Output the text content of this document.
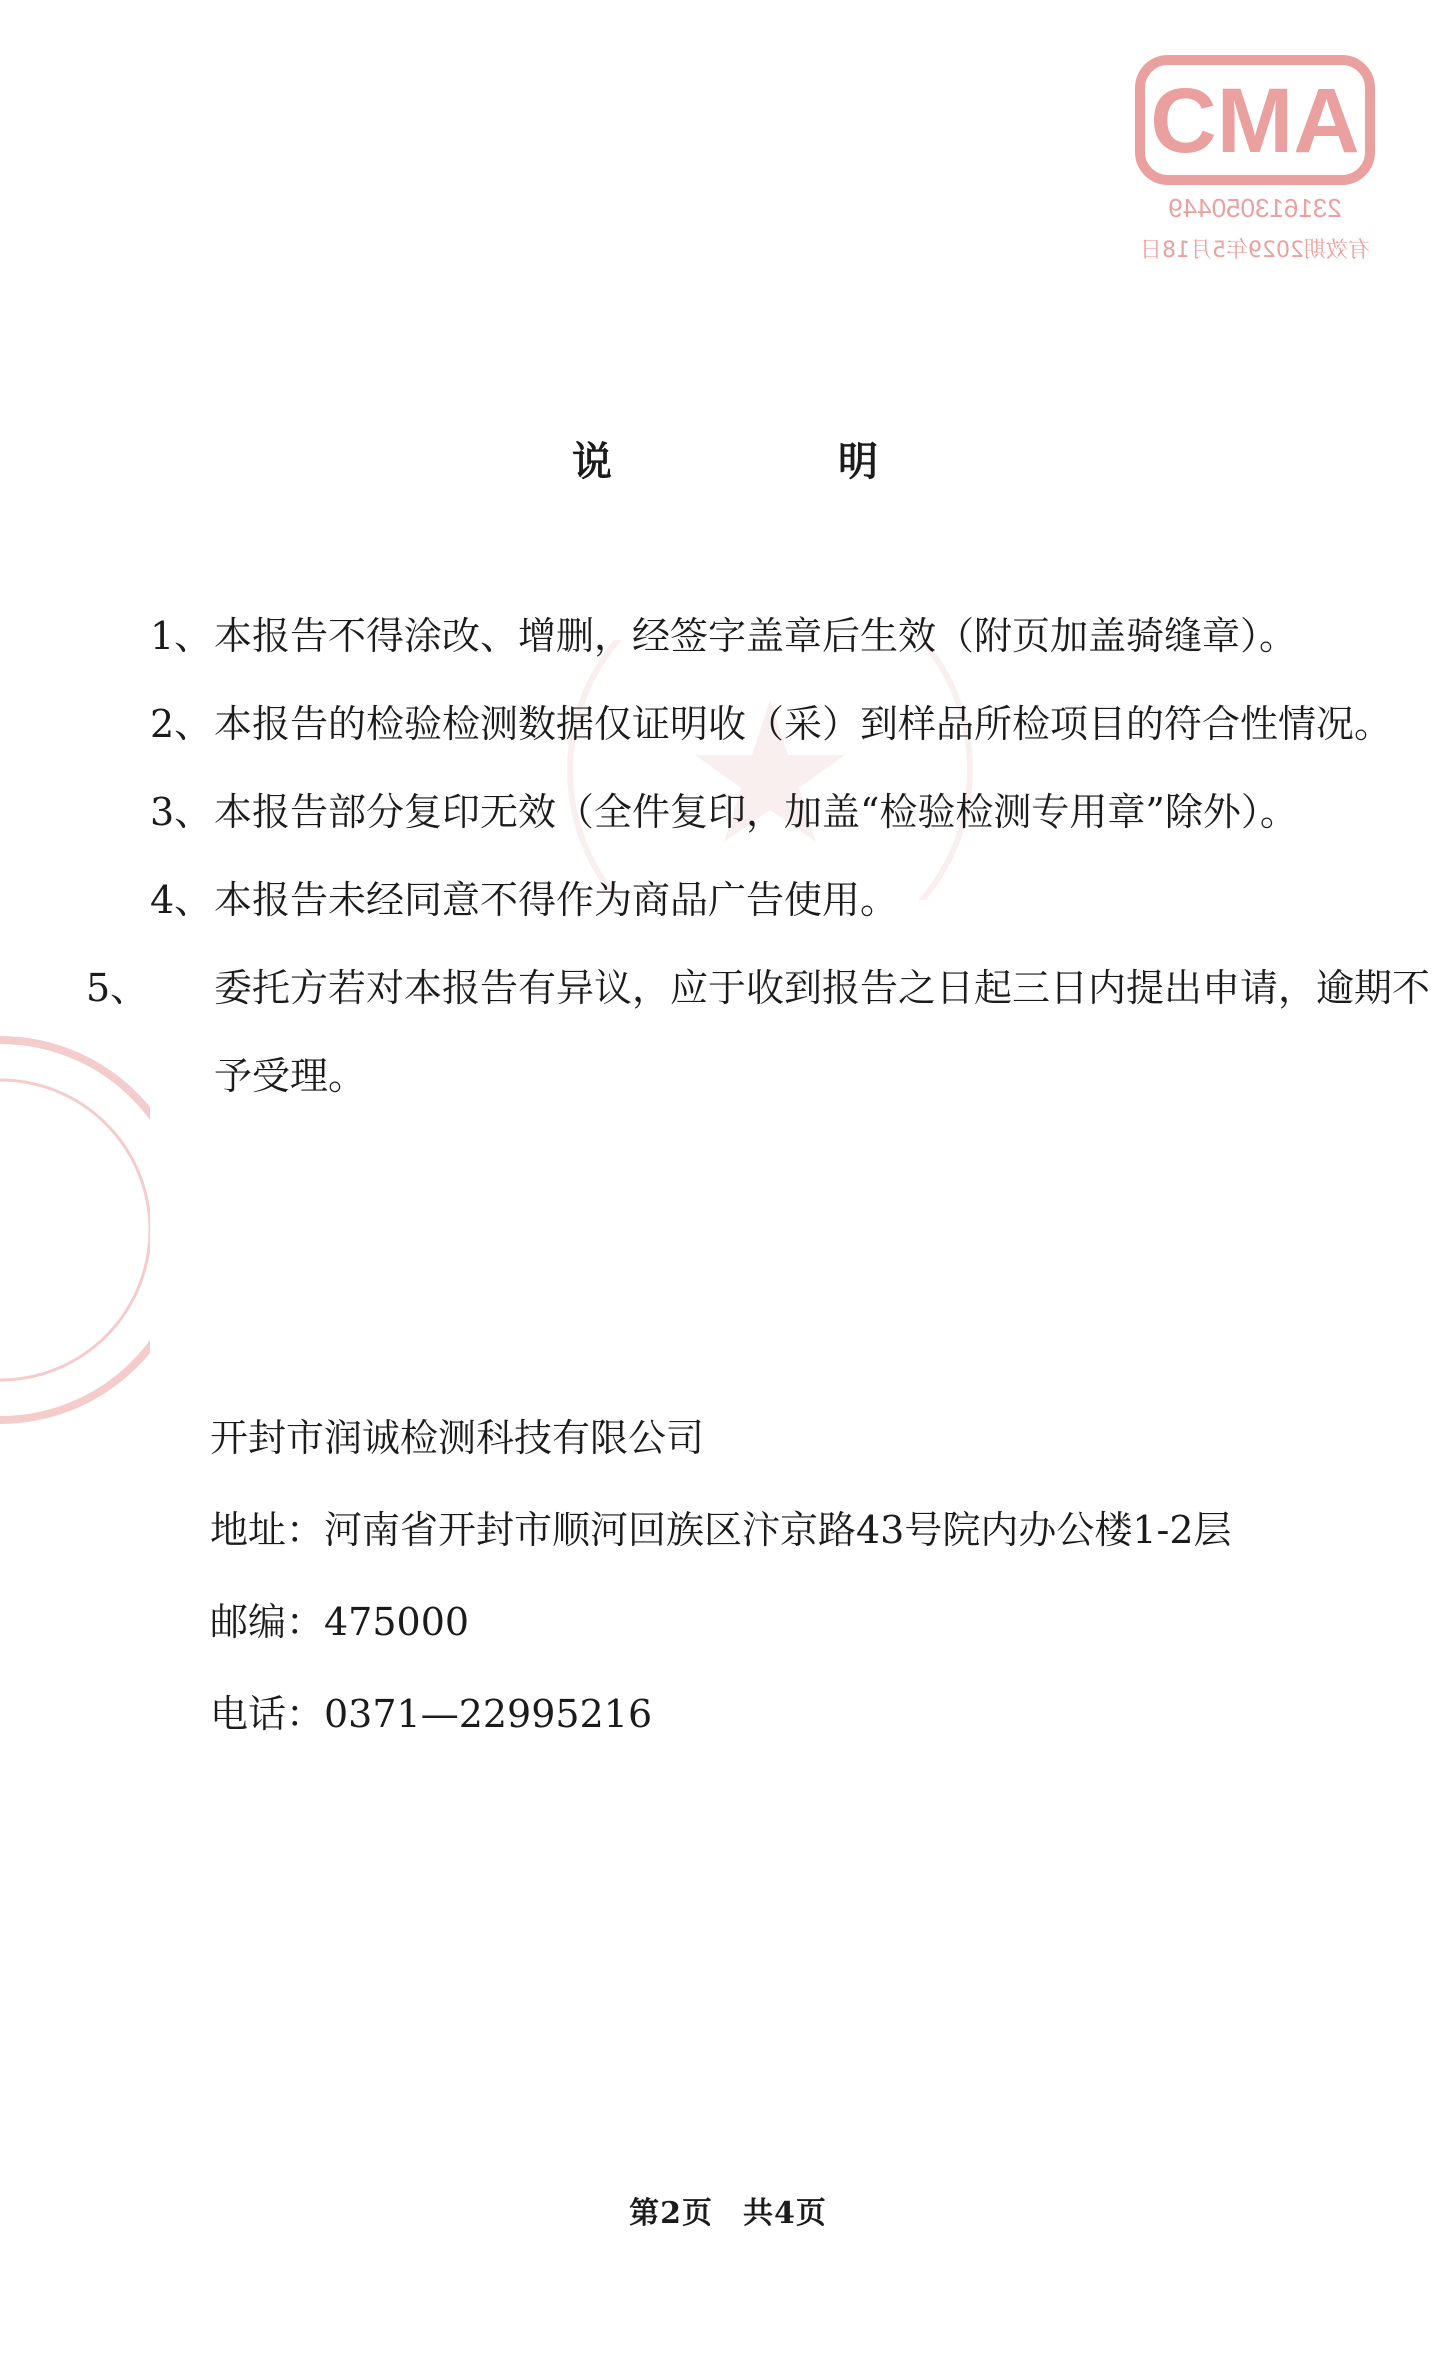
CMA
231613050449
有效期2029年5月18日
说	明
1、本报告不得涂改、增删，经签字盖章后生效（附页加盖骑缝章）。
2、本报告的检验检测数据仅证明收（采）到样品所检项目的符合性情况。
3、本报告部分复印无效（全件复印，加盖“检验检测专用章”除外）。
4、本报告未经同意不得作为商品广告使用。
5、 委托方若对本报告有异议，应于收到报告之日起三日内提出申请，逾期不予受理。
开封市润诚检测科技有限公司
地址：河南省开封市顺河回族区汴京路43号院内办公楼1-2层
邮编：475000
电话：0371—22995216
第2页 共4页
